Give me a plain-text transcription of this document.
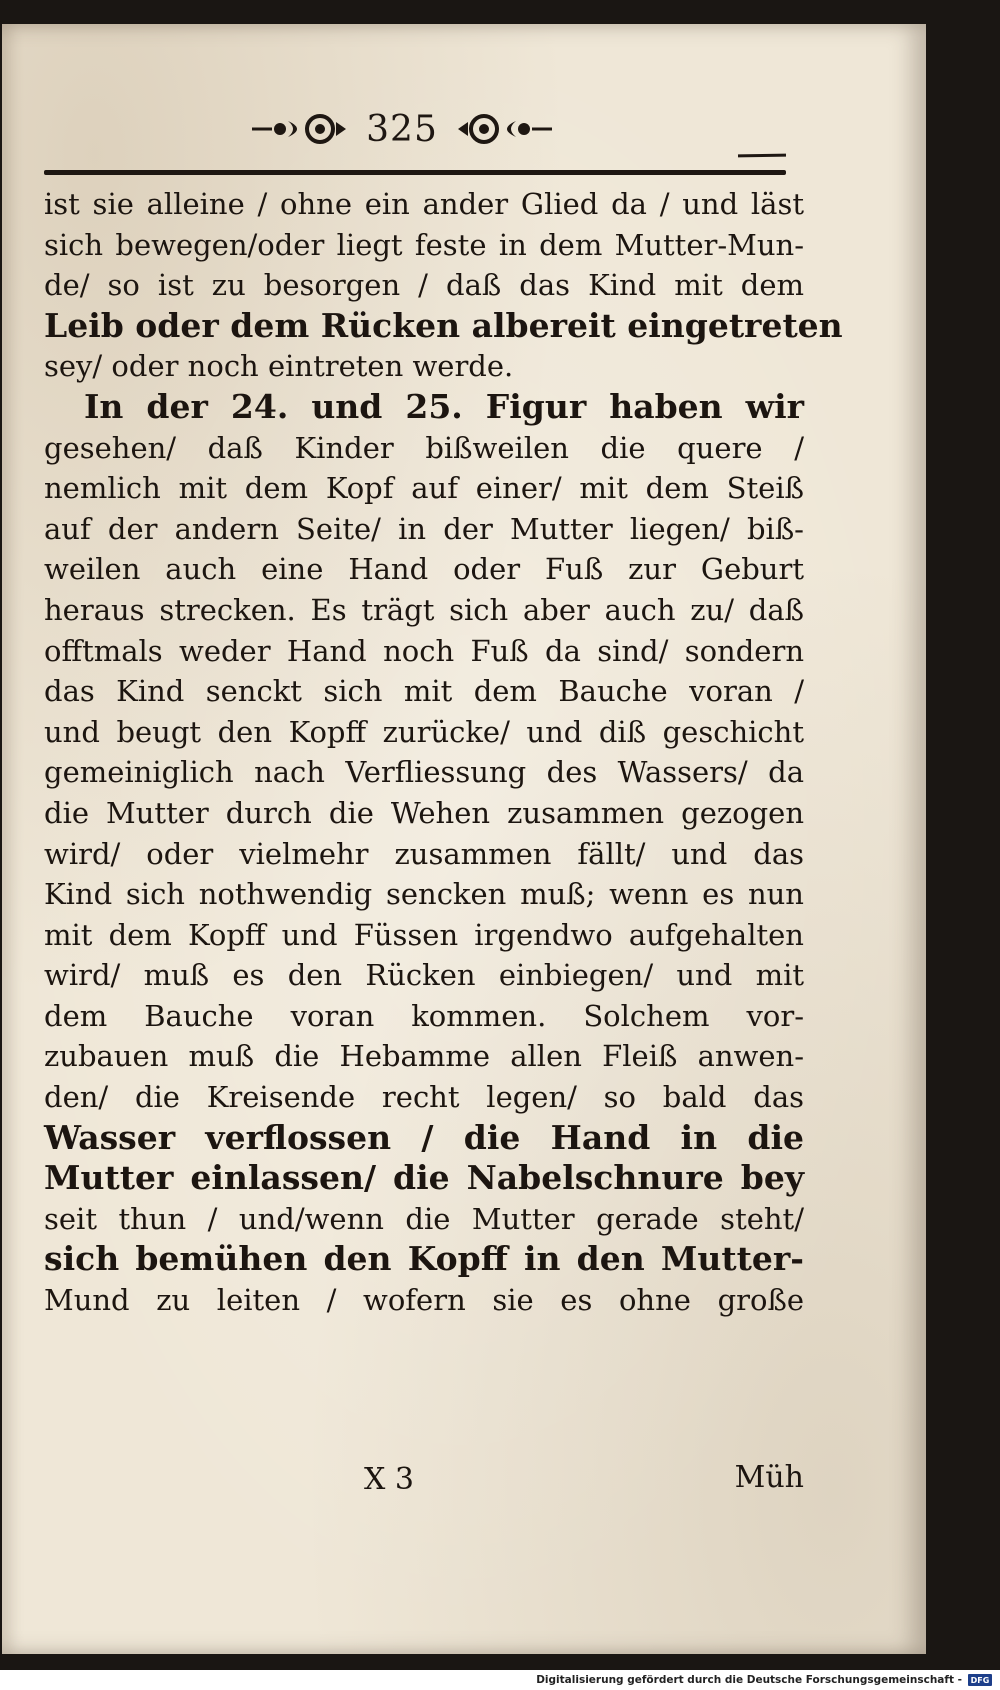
325
ist sie alleine / ohne ein ander Glied da / und läst
sich bewegen/oder liegt feste in dem Mutter-Mun-
de/ so ist zu besorgen / daß das Kind mit dem
Leib oder dem Rücken albereit eingetreten
sey/ oder noch eintreten werde.
In der 24. und 25. Figur haben wir
gesehen/ daß Kinder bißweilen die quere /
nemlich mit dem Kopf auf einer/ mit dem Steiß
auf der andern Seite/ in der Mutter liegen/ biß-
weilen auch eine Hand oder Fuß zur Geburt
heraus strecken. Es trägt sich aber auch zu/ daß
offtmals weder Hand noch Fuß da sind/ sondern
das Kind senckt sich mit dem Bauche voran /
und beugt den Kopff zurücke/ und diß geschicht
gemeiniglich nach Verfliessung des Wassers/ da
die Mutter durch die Wehen zusammen gezogen
wird/ oder vielmehr zusammen fällt/ und das
Kind sich nothwendig sencken muß; wenn es nun
mit dem Kopff und Füssen irgendwo aufgehalten
wird/ muß es den Rücken einbiegen/ und mit
dem Bauche voran kommen. Solchem vor-
zubauen muß die Hebamme allen Fleiß anwen-
den/ die Kreisende recht legen/ so bald das
Wasser verflossen / die Hand in die
Mutter einlassen/ die Nabelschnure bey
seit thun / und/wenn die Mutter gerade steht/
sich bemühen den Kopff in den Mutter-
Mund zu leiten / wofern sie es ohne große
X 3	Müh
Digitalisierung gefördert durch die Deutsche Forschungsgemeinschaft -	DFG
